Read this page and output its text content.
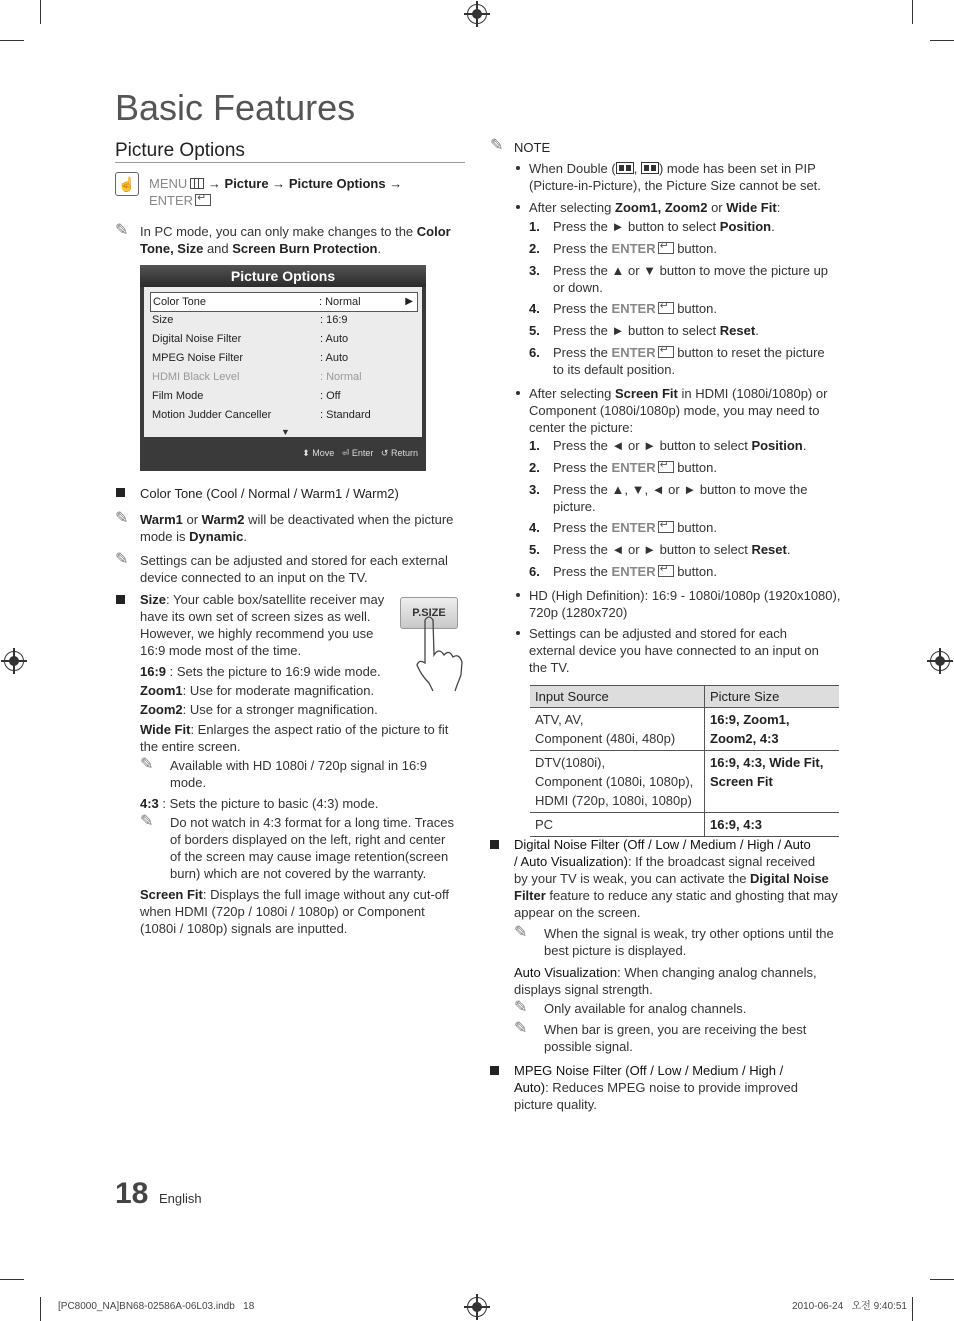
Basic Features
Picture Options
☝ MENU → Picture → Picture Options →
ENTER↵
✎ In PC mode, you can only make changes to the Color
Tone, Size and Screen Burn Protection.
Picture Options
Color Tone	: Normal	▶
Size	: 16:9
Digital Noise Filter	: Auto
MPEG Noise Filter	: Auto
HDMI Black Level	: Normal
Film Mode	: Off
Motion Judder Canceller	: Standard
▼
⬍ Move ⏎ Enter ↺ Return
Color Tone (Cool / Normal / Warm1 / Warm2)
✎ Warm1 or Warm2 will be deactivated when the picture
mode is Dynamic.
✎ Settings can be adjusted and stored for each external
device connected to an input on the TV.
Size: Your cable box/satellite receiver may
have its own set of screen sizes as well.
However, we highly recommend you use
16:9 mode most of the time.
P.SIZE
16:9 : Sets the picture to 16:9 wide mode.
Zoom1: Use for moderate magnification.
Zoom2: Use for a stronger magnification.
Wide Fit: Enlarges the aspect ratio of the picture to fit
the entire screen.
✎ Available with HD 1080i / 720p signal in 16:9
mode.
4:3 : Sets the picture to basic (4:3) mode.
✎ Do not watch in 4:3 format for a long time. Traces
of borders displayed on the left, right and center
of the screen may cause image retention(screen
burn) which are not covered by the warranty.
Screen Fit: Displays the full image without any cut-off
when HDMI (720p / 1080i / 1080p) or Component
(1080i / 1080p) signals are inputted.
✎ NOTE
When Double ( , ) mode has been set in PIP
(Picture-in-Picture), the Picture Size cannot be set.
After selecting Zoom1, Zoom2 or Wide Fit:
1. Press the ► button to select Position.
2. Press the ENTER↵ button.
3. Press the ▲ or ▼ button to move the picture up
or down.
4. Press the ENTER↵ button.
5. Press the ► button to select Reset.
6. Press the ENTER↵ button to reset the picture
to its default position.
After selecting Screen Fit in HDMI (1080i/1080p) or
Component (1080i/1080p) mode, you may need to
center the picture:
1. Press the ◄ or ► button to select Position.
2. Press the ENTER↵ button.
3. Press the ▲, ▼, ◄ or ► button to move the
picture.
4. Press the ENTER↵ button.
5. Press the ◄ or ► button to select Reset.
6. Press the ENTER↵ button.
HD (High Definition): 16:9 - 1080i/1080p (1920x1080),
720p (1280x720)
Settings can be adjusted and stored for each
external device you have connected to an input on
the TV.
Input Source	Picture Size
ATV, AV,
Component (480i, 480p)	16:9, Zoom1,
Zoom2, 4:3
DTV(1080i),
Component (1080i, 1080p),
HDMI (720p, 1080i, 1080p)	16:9, 4:3, Wide Fit,
Screen Fit
PC	16:9, 4:3
Digital Noise Filter (Off / Low / Medium / High / Auto
/ Auto Visualization): If the broadcast signal received
by your TV is weak, you can activate the Digital Noise
Filter feature to reduce any static and ghosting that may
appear on the screen.
✎ When the signal is weak, try other options until the
best picture is displayed.
Auto Visualization: When changing analog channels,
displays signal strength.
✎ Only available for analog channels.
✎ When bar is green, you are receiving the best
possible signal.
MPEG Noise Filter (Off / Low / Medium / High /
Auto): Reduces MPEG noise to provide improved
picture quality.
18 English
[PC8000_NA]BN68-02586A-06L03.indb   18	2010-06-24   오전 9:40:51
